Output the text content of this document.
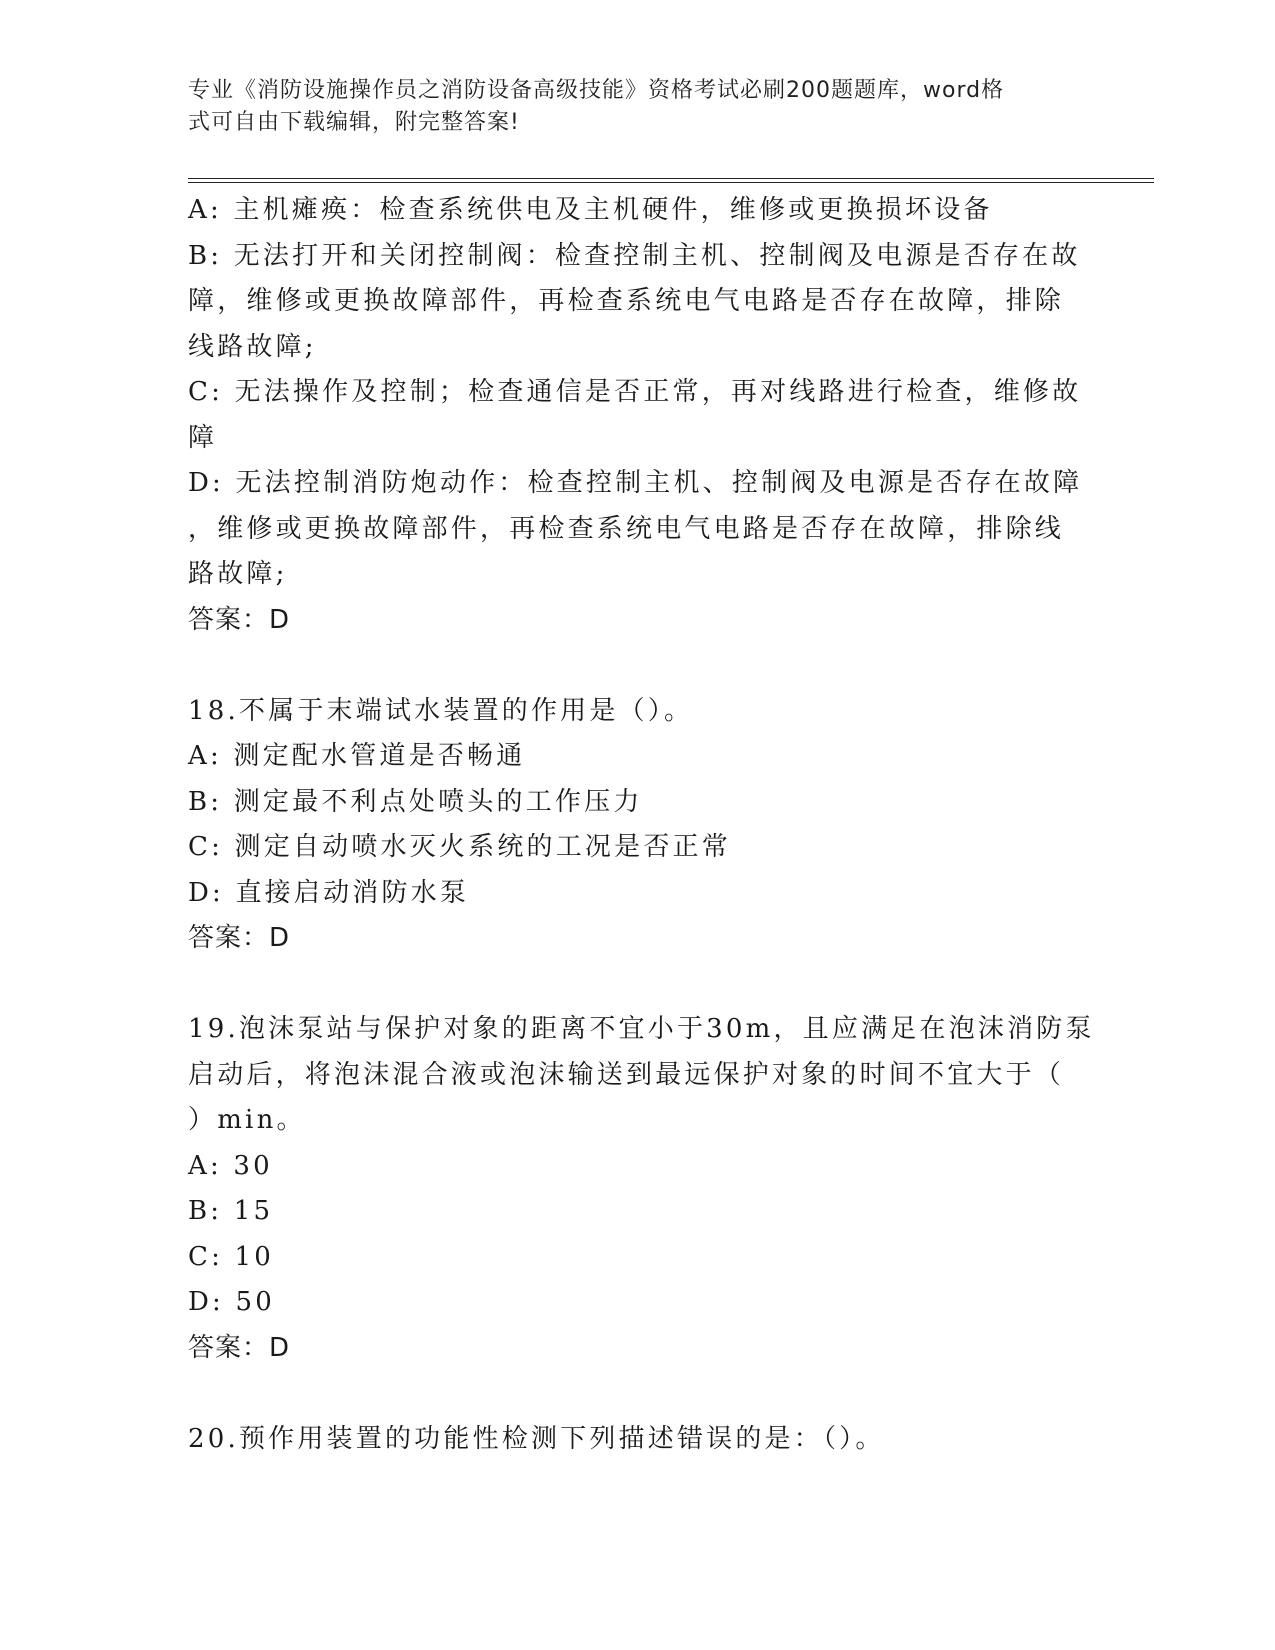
专业《消防设施操作员之消防设备高级技能》资格考试必刷200题题库，word格
式可自由下载编辑，附完整答案!
A: 主机瘫痪：检查系统供电及主机硬件，维修或更换损坏设备
B: 无法打开和关闭控制阀：检查控制主机、控制阀及电源是否存在故
障，维修或更换故障部件，再检查系统电气电路是否存在故障，排除
线路故障;
C: 无法操作及控制；检查通信是否正常，再对线路进行检查，维修故
障
D: 无法控制消防炮动作：检查控制主机、控制阀及电源是否存在故障
，维修或更换故障部件，再检查系统电气电路是否存在故障，排除线
路故障;
答案：D
18.不属于末端试水装置的作用是（）。
A: 测定配水管道是否畅通
B: 测定最不利点处喷头的工作压力
C: 测定自动喷水灭火系统的工况是否正常
D: 直接启动消防水泵
答案：D
19.泡沫泵站与保护对象的距离不宜小于30m，且应满足在泡沫消防泵
启动后，将泡沫混合液或泡沫输送到最远保护对象的时间不宜大于（
）min。
A: 30
B: 15
C: 10
D: 50
答案：D
20.预作用装置的功能性检测下列描述错误的是：（）。
